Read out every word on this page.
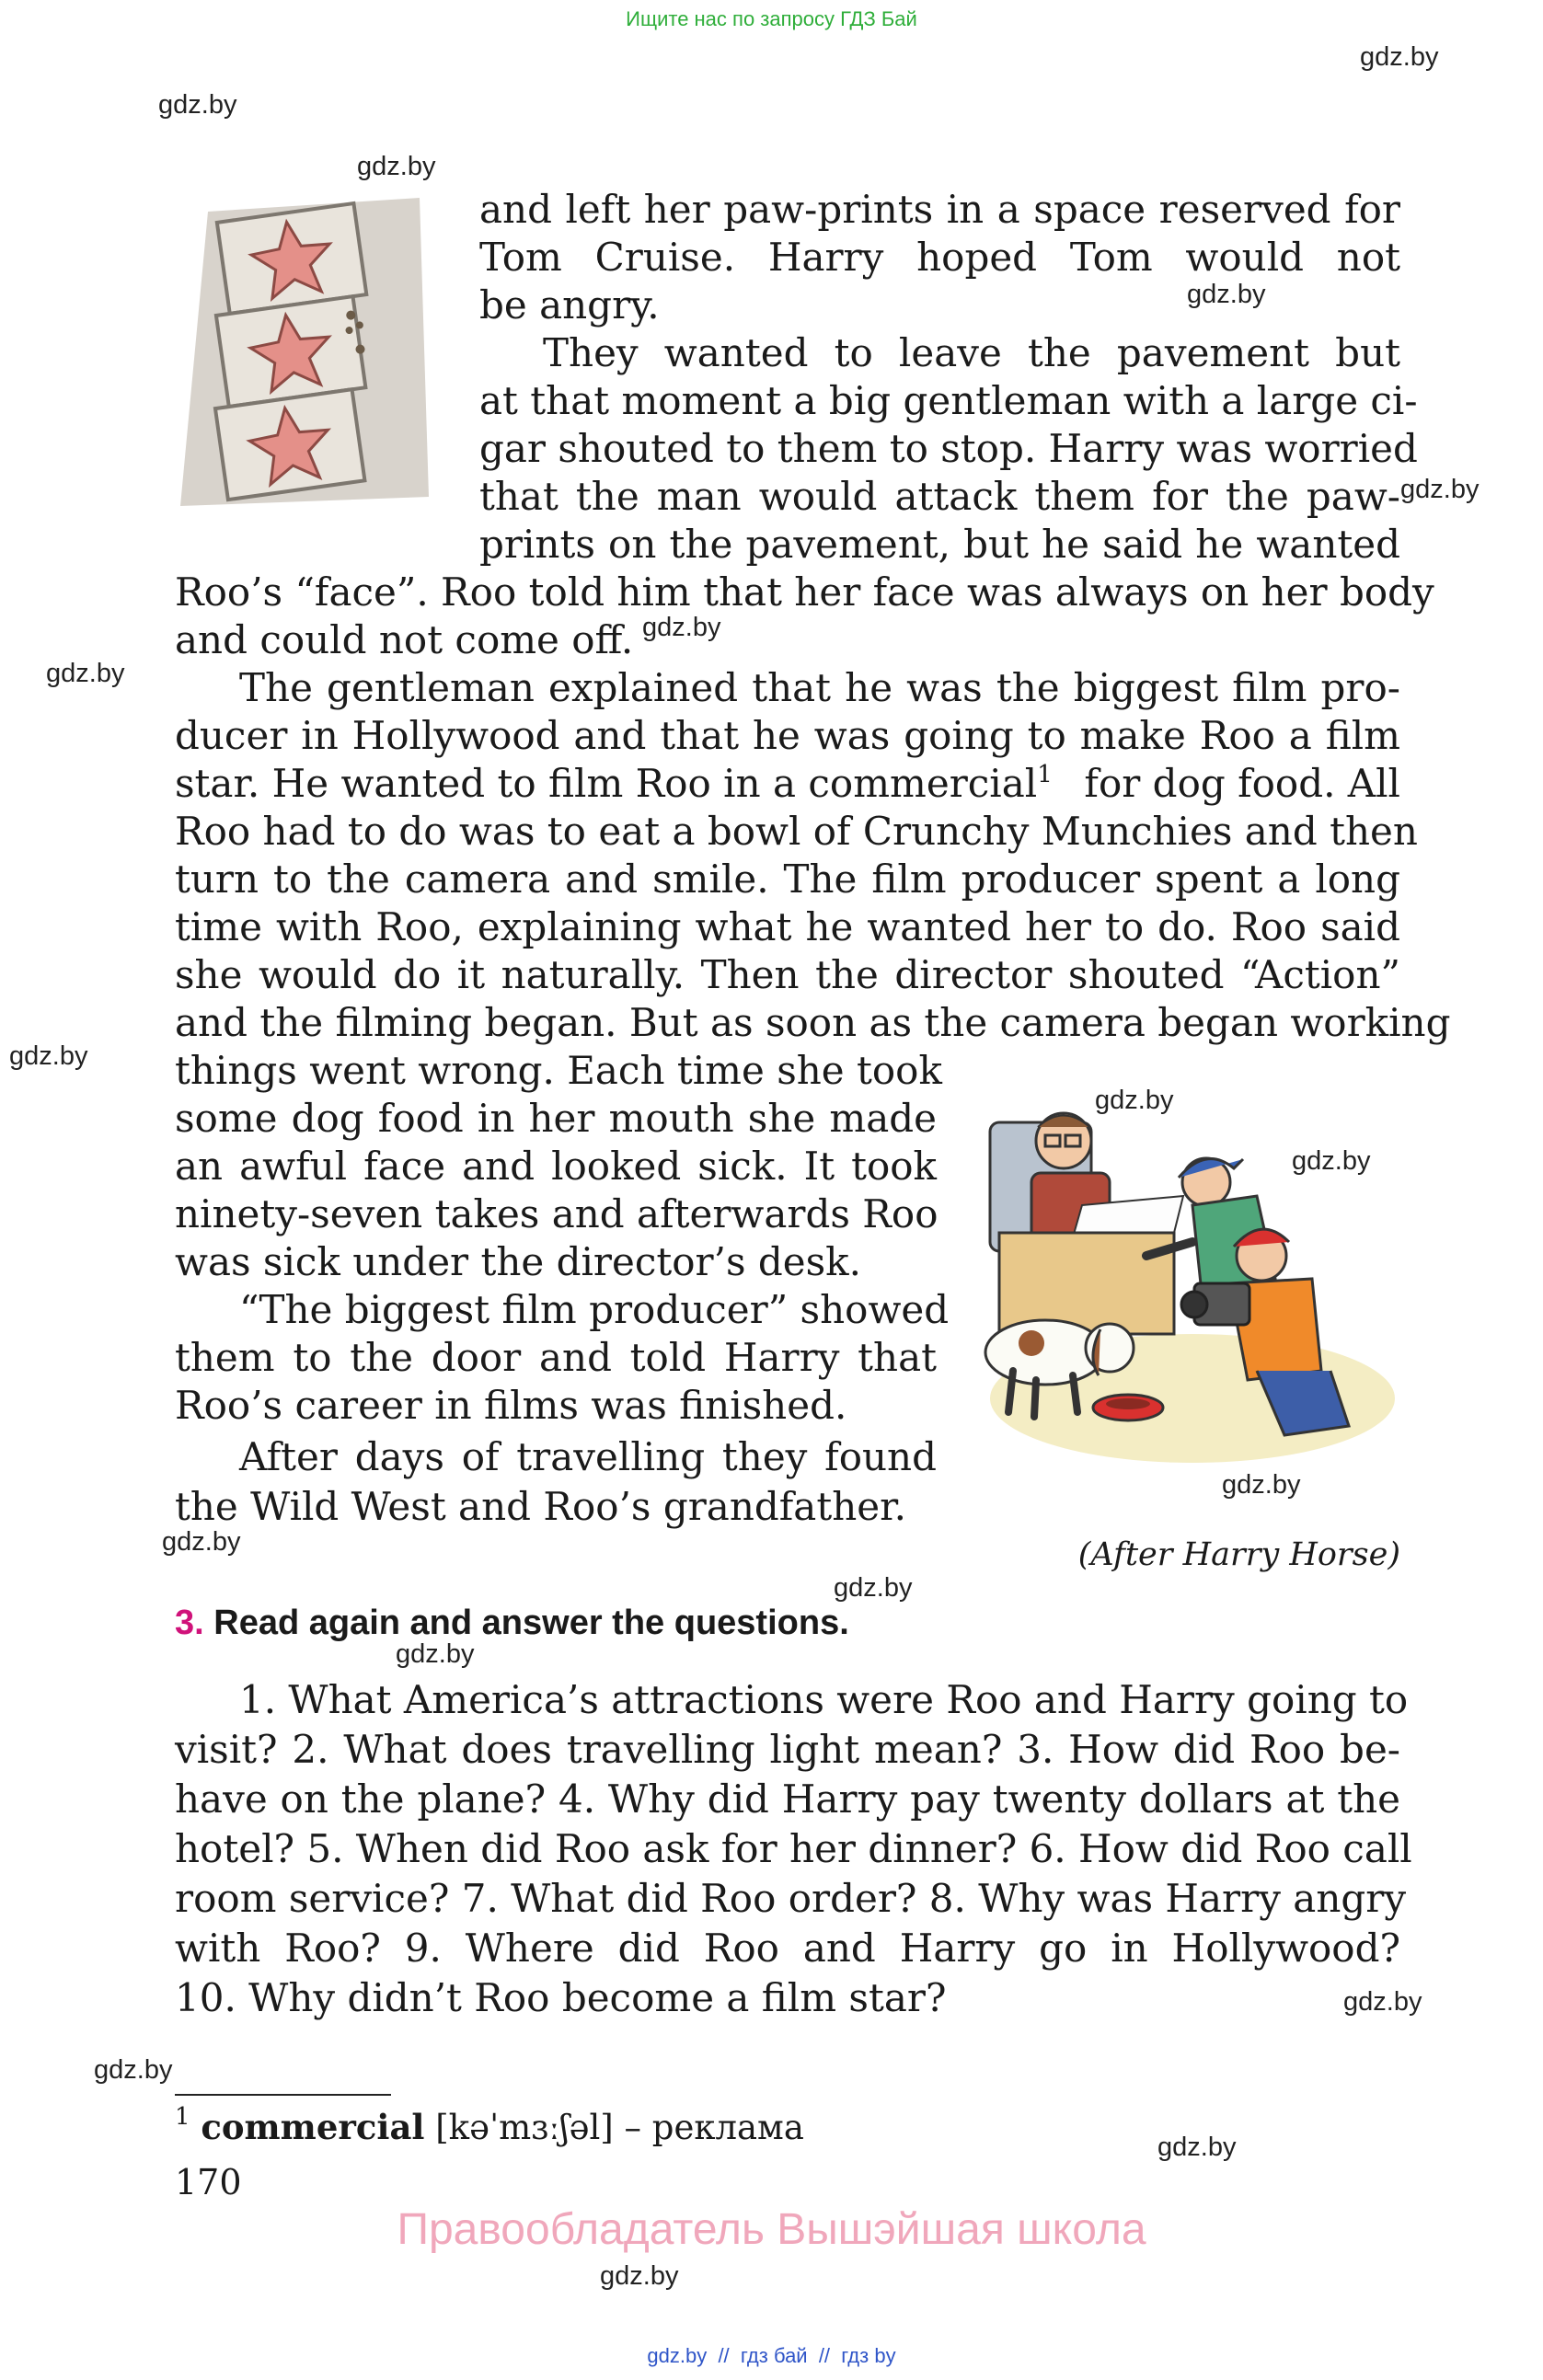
Ищите нас по запросу ГДЗ Бай
gdz.by
gdz.by
gdz.by
gdz.by
gdz.by
gdz.by
gdz.by
gdz.by
gdz.by
gdz.by
gdz.by
gdz.by
gdz.by
gdz.by
gdz.by
gdz.by
gdz.by
gdz.by
and left her paw-prints in a space reserved for
Tom Cruise. Harry hoped Tom would not
be angry.
They wanted to leave the pavement but
at that moment a big gentleman with a large ci-
gar shouted to them to stop. Harry was worried
that the man would attack them for the paw-
prints on the pavement, but he said he wanted
Roo’s “face”. Roo told him that her face was always on her body
and could not come off.
The gentleman explained that he was the biggest film pro-
ducer in Hollywood and that he was going to make Roo a film
star. He wanted to film Roo in a commercial$^1$ for dog food. All
Roo had to do was to eat a bowl of Crunchy Munchies and then
turn to the camera and smile. The film producer spent a long
time with Roo, explaining what he wanted her to do. Roo said
she would do it naturally. Then the director shouted “Action”
and the filming began. But as soon as the camera began working
things went wrong. Each time she took
some dog food in her mouth she made
an awful face and looked sick. It took
ninety-seven takes and afterwards Roo
was sick under the director’s desk.
“The biggest film producer” showed
them to the door and told Harry that
Roo’s career in films was finished.
After days of travelling they found
the Wild West and Roo’s grandfather.
(After Harry Horse)
3. Read again and answer the questions.
1. What America’s attractions were Roo and Harry going to
visit? 2. What does travelling light mean? 3. How did Roo be-
have on the plane? 4. Why did Harry pay twenty dollars at the
hotel? 5. When did Roo ask for her dinner? 6. How did Roo call
room service? 7. What did Roo order? 8. Why was Harry angry
with Roo? 9. Where did Roo and Harry go in Hollywood?
10. Why didn’t Roo become a film star?
$^1$ commercial [kəˈmɜːʃəl] – реклама
170
Правообладатель Вышэйшая школа
gdz.by  //  гдз бай  //  гдз by
